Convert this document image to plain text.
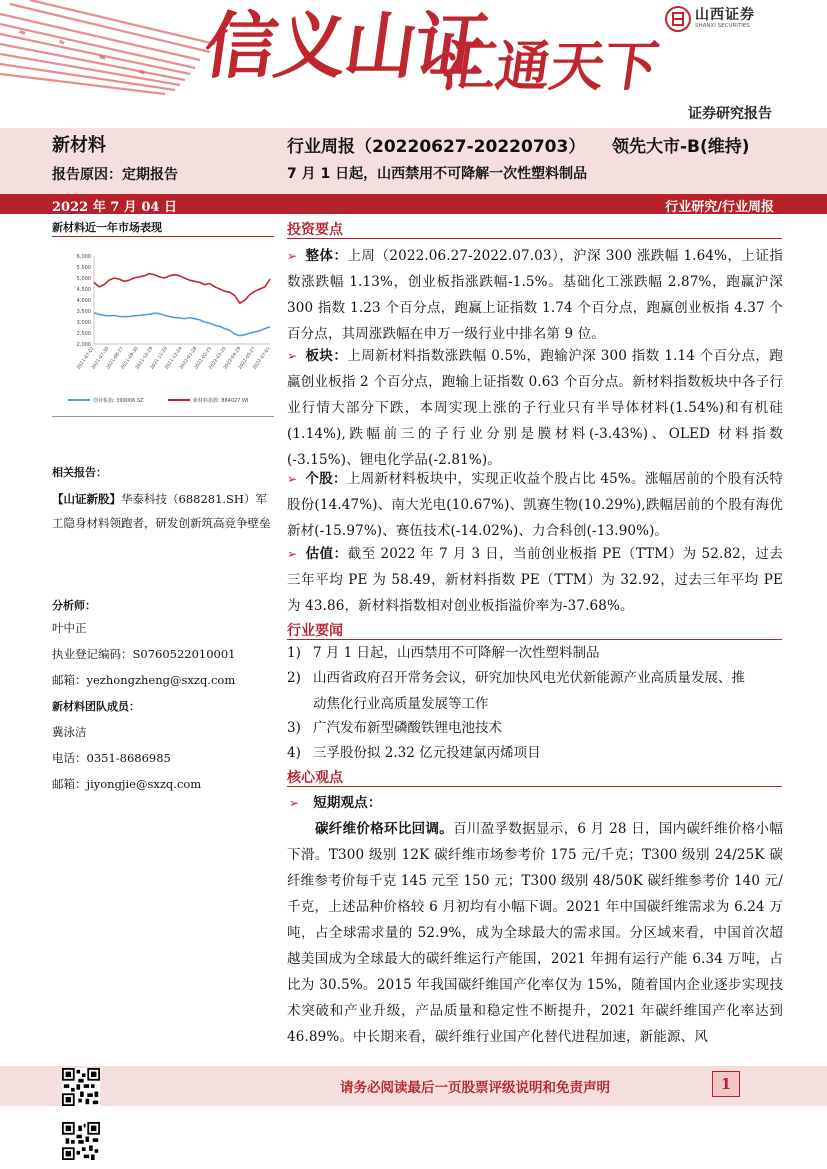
信义山证
汇通天下
山西证券
SHANXI SECURITIES
证券研究报告
新材料
报告原因：定期报告
行业周报（20220627-20220703） 领先大市-B(维持)
7 月 1 日起，山西禁用不可降解一次性塑料制品
2022 年 7 月 04 日	行业研究/行业周报
新材料近一年市场表现
6,000
5,500
5,000
4,500
4,000
3,500
3,000
2,500
2,000
2021-07-02
2021-07-30
2021-08-27
2021-09-30
2021-10-29
2021-11-26
2021-12-24
2022-01-28
2022-02-25
2022-03-25
2022-04-29
2022-05-27
2022-07-01
创业板指: 399006.SZ	新材料指数: 884027.WI
相关报告：
【山证新股】华泰科技（688281.SH）军工隐身材料领跑者，研发创新筑高竞争壁垒
分析师：
叶中正
执业登记编码：S0760522010001
邮箱：yezhongzheng@sxzq.com
新材料团队成员：
冀泳洁
电话：0351-8686985
邮箱：jiyongjie@sxzq.com
投资要点
➢ 整体：上周（2022.06.27-2022.07.03），沪深 300 涨跌幅 1.64%，上证指数涨跌幅 1.13%，创业板指涨跌幅-1.5%。基础化工涨跌幅 2.87%，跑赢沪深 300 指数 1.23 个百分点，跑赢上证指数 1.74 个百分点，跑赢创业板指 4.37 个百分点，其周涨跌幅在申万一级行业中排名第 9 位。
➢ 板块：上周新材料指数涨跌幅 0.5%，跑输沪深 300 指数 1.14 个百分点，跑赢创业板指 2 个百分点，跑输上证指数 0.63 个百分点。新材料指数板块中各子行业行情大部分下跌，本周实现上涨的子行业只有半导体材料(1.54%)和有机硅(1.14%),跌幅前三的子行业分别是膜材料(-3.43%)、OLED 材料指数(-3.15%)、锂电化学品(-2.81%)。
➢ 个股：上周新材料板块中，实现正收益个股占比 45%。涨幅居前的个股有沃特股份(14.47%)、南大光电(10.67%)、凯赛生物(10.29%),跌幅居前的个股有海优新材(-15.97%)、赛伍技术(-14.02%)、力合科创(-13.90%)。
➢ 估值：截至 2022 年 7 月 3 日，当前创业板指 PE（TTM）为 52.82，过去三年平均 PE 为 58.49，新材料指数 PE（TTM）为 32.92，过去三年平均 PE 为 43.86，新材料指数相对创业板指溢价率为-37.68%。
行业要闻
1) 7 月 1 日起，山西禁用不可降解一次性塑料制品
2) 山西省政府召开常务会议，研究加快风电光伏新能源产业高质量发展、推
动焦化行业高质量发展等工作
3) 广汽发布新型磷酸铁锂电池技术
4) 三孚股份拟 2.32 亿元投建氯丙烯项目
核心观点
➢ 短期观点：
碳纤维价格环比回调。百川盈孚数据显示，6 月 28 日，国内碳纤维价格小幅下滑。T300 级别 12K 碳纤维市场参考价 175 元/千克；T300 级别 24/25K 碳纤维参考价每千克 145 元至 150 元；T300 级别 48/50K 碳纤维参考价 140 元/千克，上述品种价格较 6 月初均有小幅下调。2021 年中国碳纤维需求为 6.24 万吨，占全球需求量的 52.9%，成为全球最大的需求国。分区域来看，中国首次超越美国成为全球最大的碳纤维运行产能国，2021 年拥有运行产能 6.34 万吨，占比为 30.5%。2015 年我国碳纤维国产化率仅为 15%，随着国内企业逐步实现技术突破和产业升级，产品质量和稳定性不断提升，2021 年碳纤维国产化率达到 46.89%。中长期来看，碳纤维行业国产化替代进程加速，新能源、风
请务必阅读最后一页股票评级说明和免责声明	1
